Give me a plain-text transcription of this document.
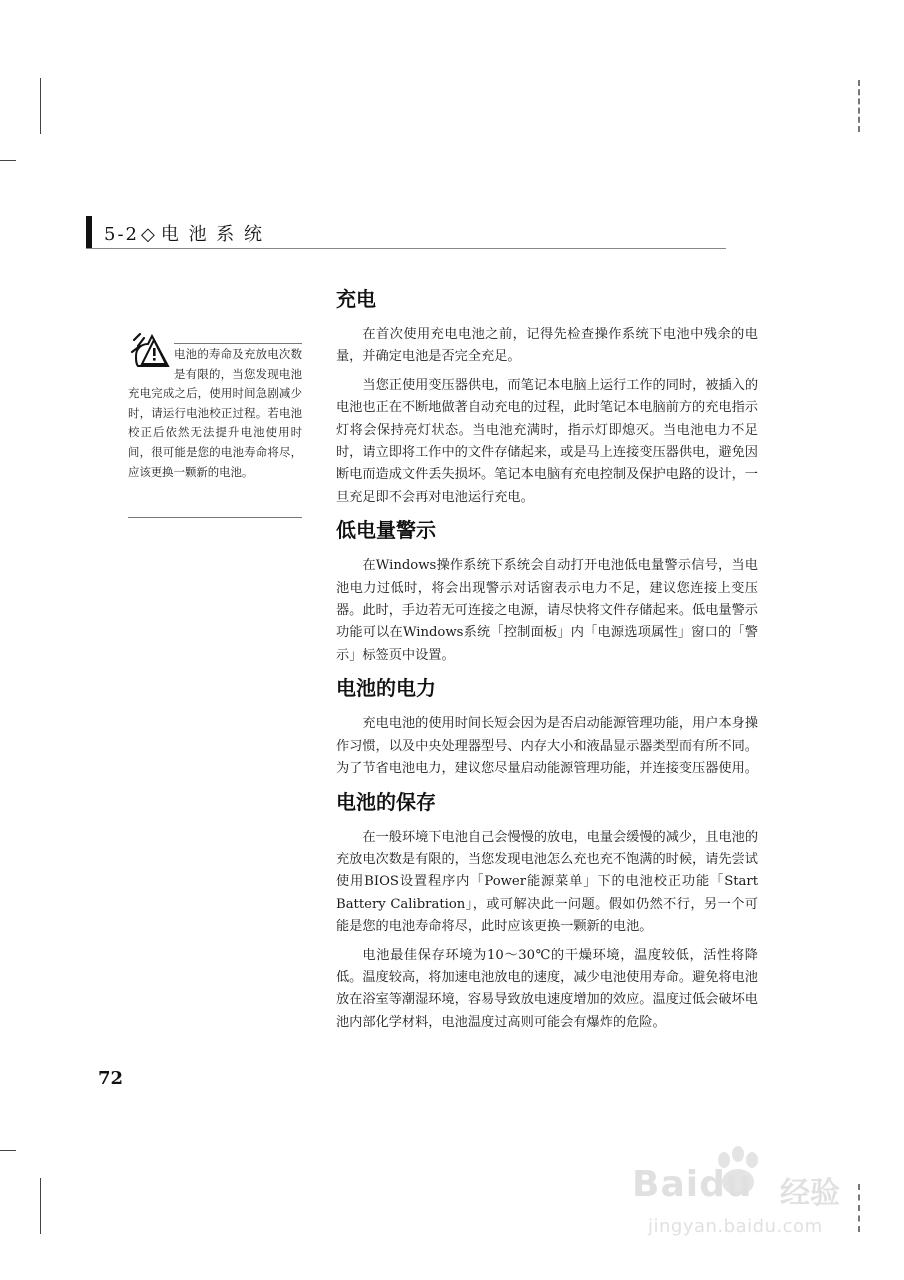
5-2 ◇ 电 池 系 统
电池的寿命及充放电次数是有限的，当您发现电池充电完成之后，使用时间急剧减少时，请运行电池校正过程。若电池校正后依然无法提升电池使用时间，很可能是您的电池寿命将尽，应该更换一颗新的电池。
充电

在首次使用充电电池之前，记得先检查操作系统下电池中残余的电量，并确定电池是否完全充足。

当您正使用变压器供电，而笔记本电脑上运行工作的同时，被插入的电池也正在不断地做著自动充电的过程，此时笔记本电脑前方的充电指示灯将会保持亮灯状态。当电池充满时，指示灯即熄灭。当电池电力不足时，请立即将工作中的文件存储起来，或是马上连接变压器供电，避免因断电而造成文件丢失损坏。笔记本电脑有充电控制及保护电路的设计，一旦充足即不会再对电池运行充电。

低电量警示

在Windows操作系统下系统会自动打开电池低电量警示信号，当电池电力过低时，将会出现警示对话窗表示电力不足，建议您连接上变压器。此时，手边若无可连接之电源，请尽快将文件存储起来。低电量警示功能可以在Windows系统「控制面板」内「电源选项属性」窗口的「警示」标签页中设置。

电池的电力

充电电池的使用时间长短会因为是否启动能源管理功能，用户本身操作习惯，以及中央处理器型号、内存大小和液晶显示器类型而有所不同。为了节省电池电力，建议您尽量启动能源管理功能，并连接变压器使用。

电池的保存

在一般环境下电池自己会慢慢的放电，电量会缓慢的减少，且电池的充放电次数是有限的，当您发现电池怎么充也充不饱满的时候，请先尝试使用BIOS设置程序内「Power能源菜单」下的电池校正功能「Start Battery Calibration」，或可解决此一问题。假如仍然不行，另一个可能是您的电池寿命将尽，此时应该更换一颗新的电池。

电池最佳保存环境为10～30℃的干燥环境，温度较低，活性将降低。温度较高，将加速电池放电的速度，减少电池使用寿命。避免将电池放在浴室等潮湿环境，容易导致放电速度增加的效应。温度过低会破坏电池内部化学材料，电池温度过高则可能会有爆炸的危险。

72
Baidu 经验
jingyan.baidu.com
